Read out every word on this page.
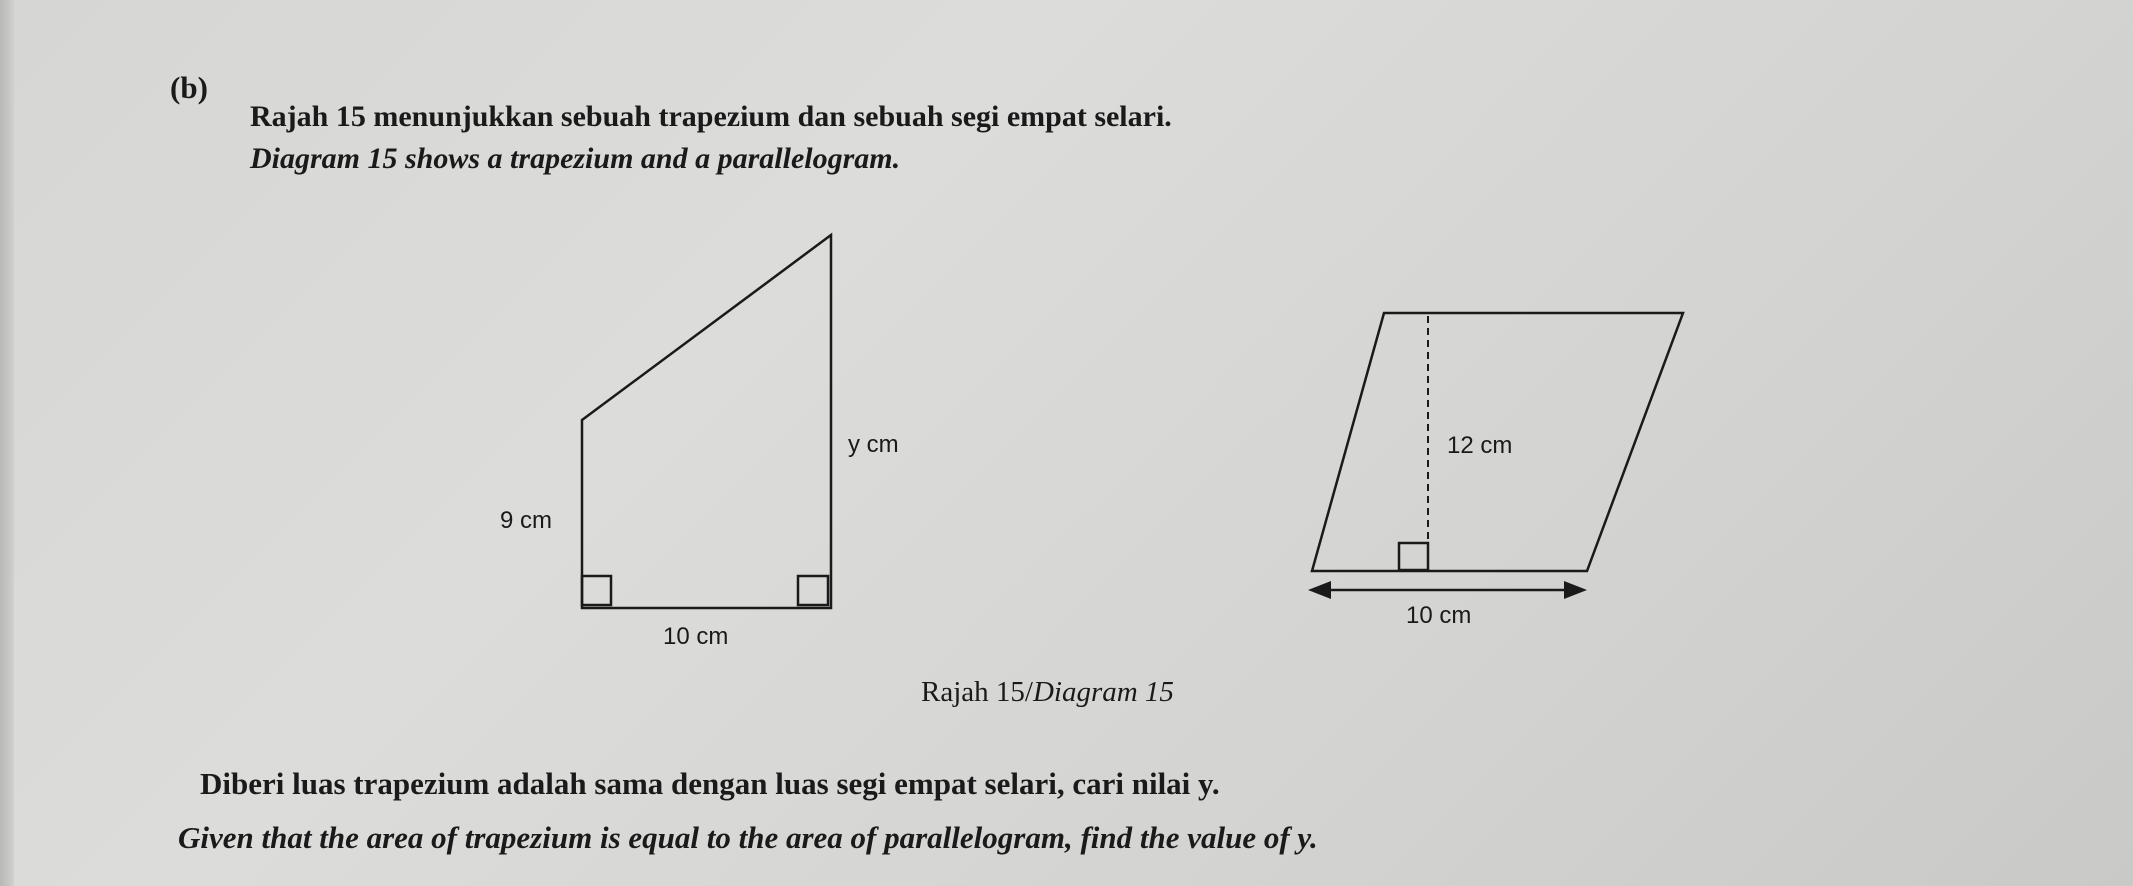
(b)
Rajah 15 menunjukkan sebuah trapezium dan sebuah segi empat selari.
Diagram 15 shows a trapezium and a parallelogram.
9 cm
y cm
10 cm
12 cm
10 cm
Rajah 15/Diagram 15
Diberi luas trapezium adalah sama dengan luas segi empat selari, cari nilai y.
Given that the area of trapezium is equal to the area of parallelogram, find the value of y.
